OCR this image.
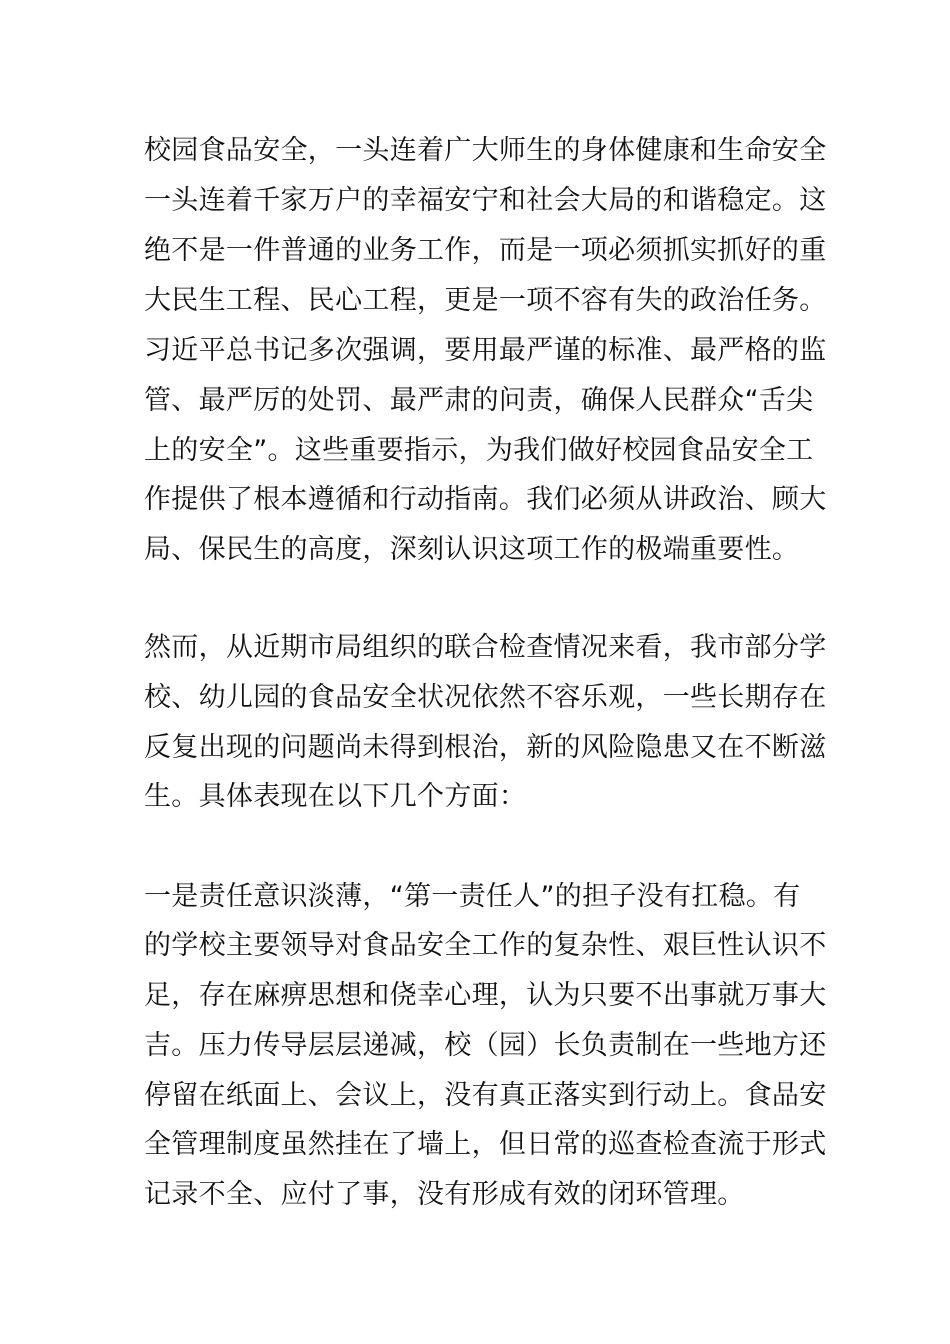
校园食品安全，一头连着广大师生的身体健康和生命安全
一头连着千家万户的幸福安宁和社会大局的和谐稳定。这
绝不是一件普通的业务工作，而是一项必须抓实抓好的重
大民生工程、民心工程，更是一项不容有失的政治任务。
习近平总书记多次强调，要用最严谨的标准、最严格的监
管、最严厉的处罚、最严肃的问责，确保人民群众“舌尖
上的安全”。这些重要指示，为我们做好校园食品安全工
作提供了根本遵循和行动指南。我们必须从讲政治、顾大
局、保民生的高度，深刻认识这项工作的极端重要性。
然而，从近期市局组织的联合检查情况来看，我市部分学
校、幼儿园的食品安全状况依然不容乐观，一些长期存在
反复出现的问题尚未得到根治，新的风险隐患又在不断滋
生。具体表现在以下几个方面：
一是责任意识淡薄，“第一责任人”的担子没有扛稳。有
的学校主要领导对食品安全工作的复杂性、艰巨性认识不
足，存在麻痹思想和侥幸心理，认为只要不出事就万事大
吉。压力传导层层递减，校（园）长负责制在一些地方还
停留在纸面上、会议上，没有真正落实到行动上。食品安
全管理制度虽然挂在了墙上，但日常的巡查检查流于形式
记录不全、应付了事，没有形成有效的闭环管理。
